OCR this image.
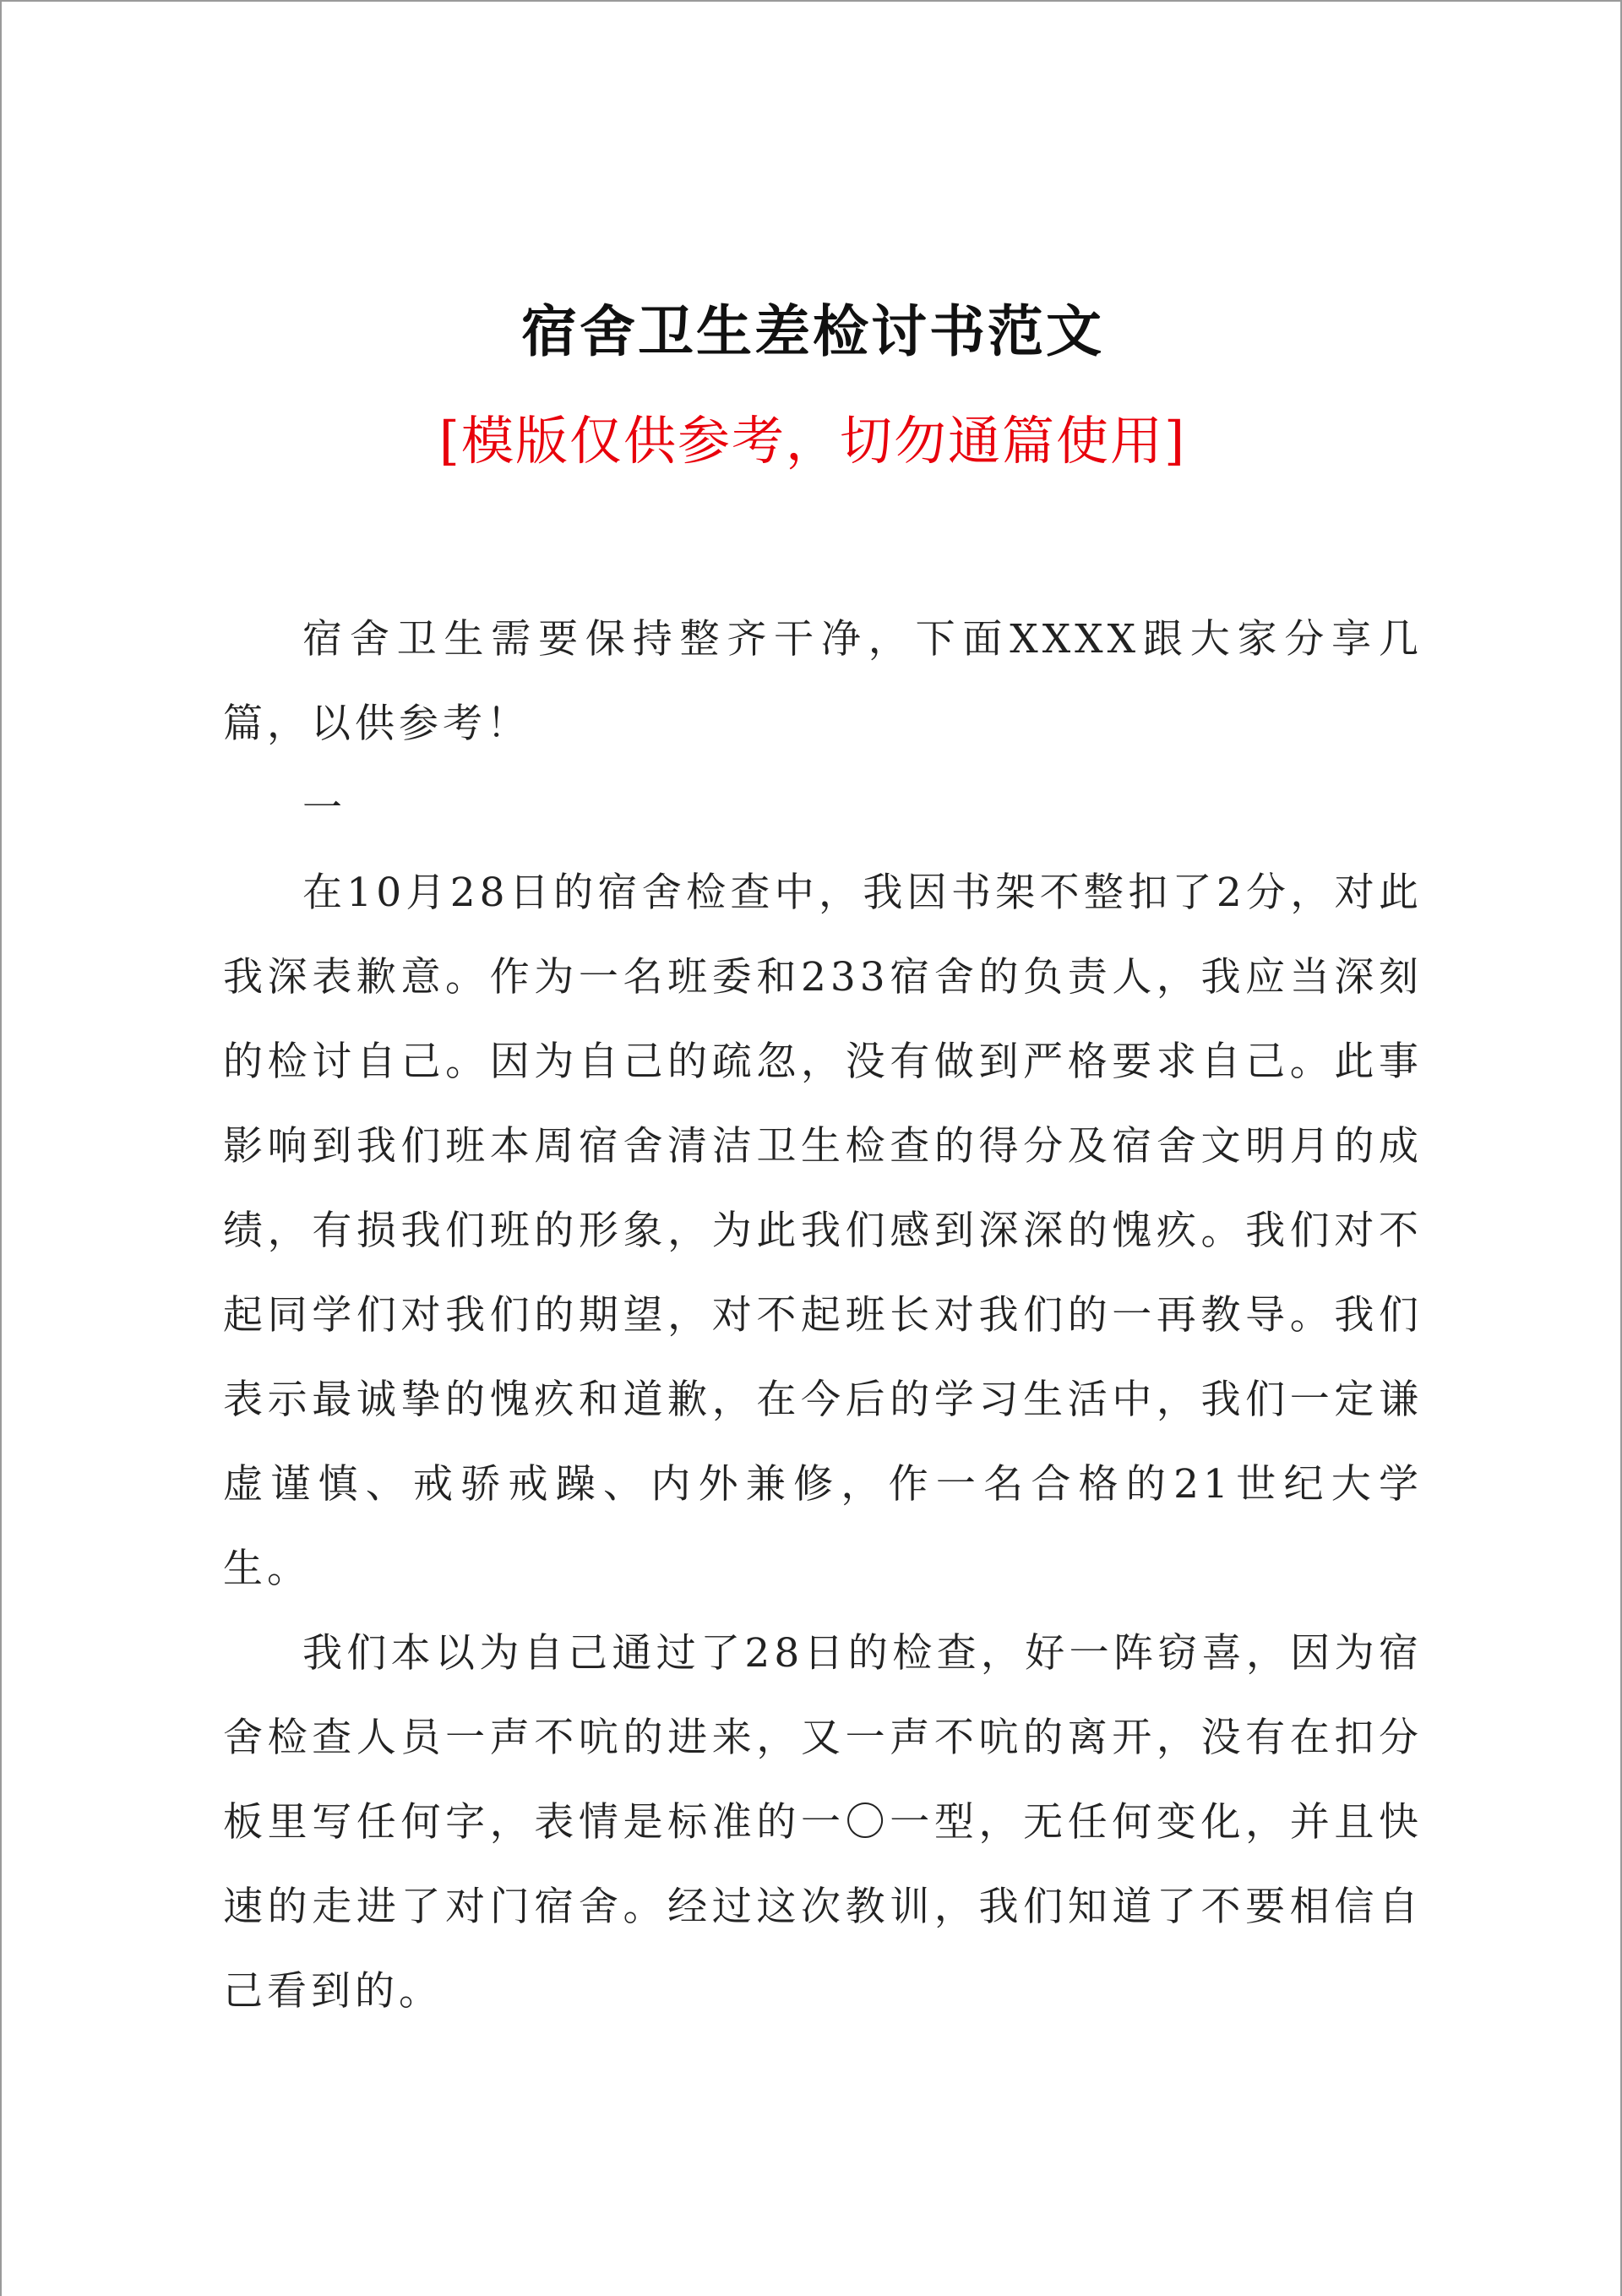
宿舍卫生差检讨书范文
[模版仅供参考，切勿通篇使用]

宿舍卫生需要保持整齐干净，下面XXXX跟大家分享几篇，以供参考！

一

在10月28日的宿舍检查中，我因书架不整扣了2分，对此我深表歉意。作为一名班委和233宿舍的负责人，我应当深刻的检讨自己。因为自己的疏忽，没有做到严格要求自己。此事影响到我们班本周宿舍清洁卫生检查的得分及宿舍文明月的成绩，有损我们班的形象，为此我们感到深深的愧疚。我们对不起同学们对我们的期望，对不起班长对我们的一再教导。我们表示最诚挚的愧疚和道歉，在今后的学习生活中，我们一定谦虚谨慎、戒骄戒躁、内外兼修，作一名合格的21世纪大学生。

我们本以为自己通过了28日的检查，好一阵窃喜，因为宿舍检查人员一声不吭的进来，又一声不吭的离开，没有在扣分板里写任何字，表情是标准的一〇一型，无任何变化，并且快速的走进了对门宿舍。经过这次教训，我们知道了不要相信自己看到的。
